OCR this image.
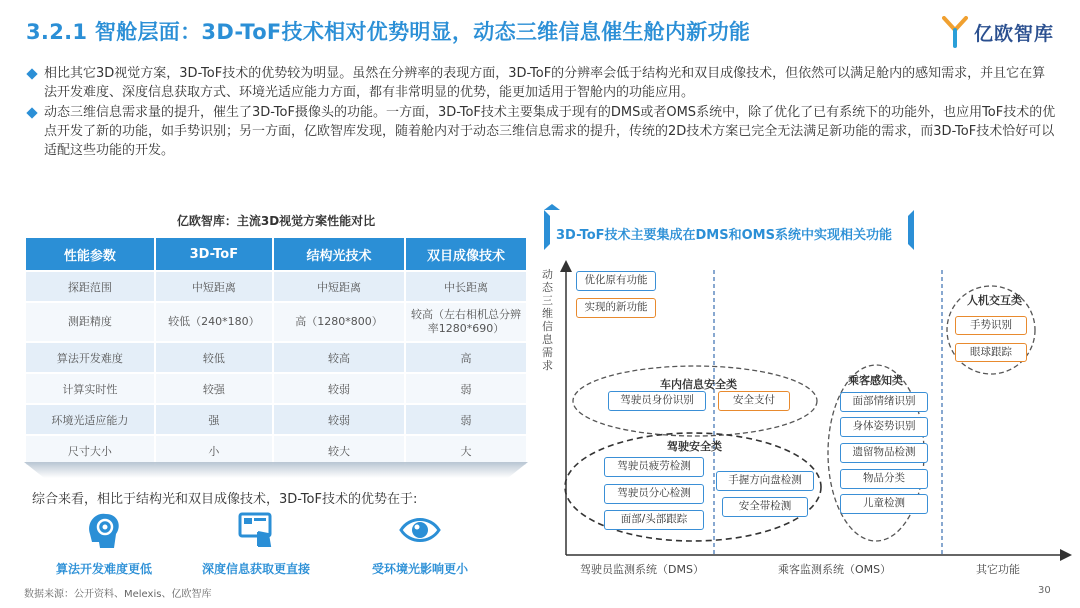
3.2.1 智舱层面：3D-ToF技术相对优势明显，动态三维信息催生舱内新功能	亿欧智库
相比其它3D视觉方案，3D-ToF技术的优势较为明显。虽然在分辨率的表现方面，3D-ToF的分辨率会低于结构光和双目成像技术，但依然可以满足舱内的感知需求，并且它在算法开发难度、深度信息获取方式、环境光适应能力方面，都有非常明显的优势，能更加适用于智舱内的功能应用。
动态三维信息需求量的提升，催生了3D-ToF摄像头的功能。一方面，3D-ToF技术主要集成于现有的DMS或者OMS系统中，除了优化了已有系统下的功能外，也应用ToF技术的优点开发了新的功能，如手势识别；另一方面，亿欧智库发现，随着舱内对于动态三维信息需求的提升，传统的2D技术方案已完全无法满足新功能的需求，而3D-ToF技术恰好可以适配这些功能的开发。
亿欧智库：主流3D视觉方案性能对比
性能参数	3D-ToF	结构光技术	双目成像技术
探距范围	中短距离	中短距离	中长距离
测距精度	较低（240*180）	高（1280*800）	较高（左右相机总分辨率1280*690）
算法开发难度	较低	较高	高
计算实时性	较强	较弱	弱
环境光适应能力	强	较弱	弱
尺寸大小	小	较大	大
综合来看，相比于结构光和双目成像技术，3D-ToF技术的优势在于:
算法开发难度更低	深度信息获取更直接	受环境光影响更小
3D-ToF技术主要集成在DMS和OMS系统中实现相关功能
动态三维信息需求
驾驶员监测系统（DMS）	乘客监测系统（OMS）	其它功能
优化原有功能
实现的新功能	人机交互类
手势识别
眼球跟踪
车内信息安全类
驾驶员身份识别	安全支付
驾驶安全类
驾驶员疲劳检测
驾驶员分心检测
面部/头部跟踪
手握方向盘检测
安全带检测
乘客感知类
面部情绪识别
身体姿势识别
遗留物品检测
物品分类
儿童检测
数据来源：公开资料、Melexis、亿欧智库	30
